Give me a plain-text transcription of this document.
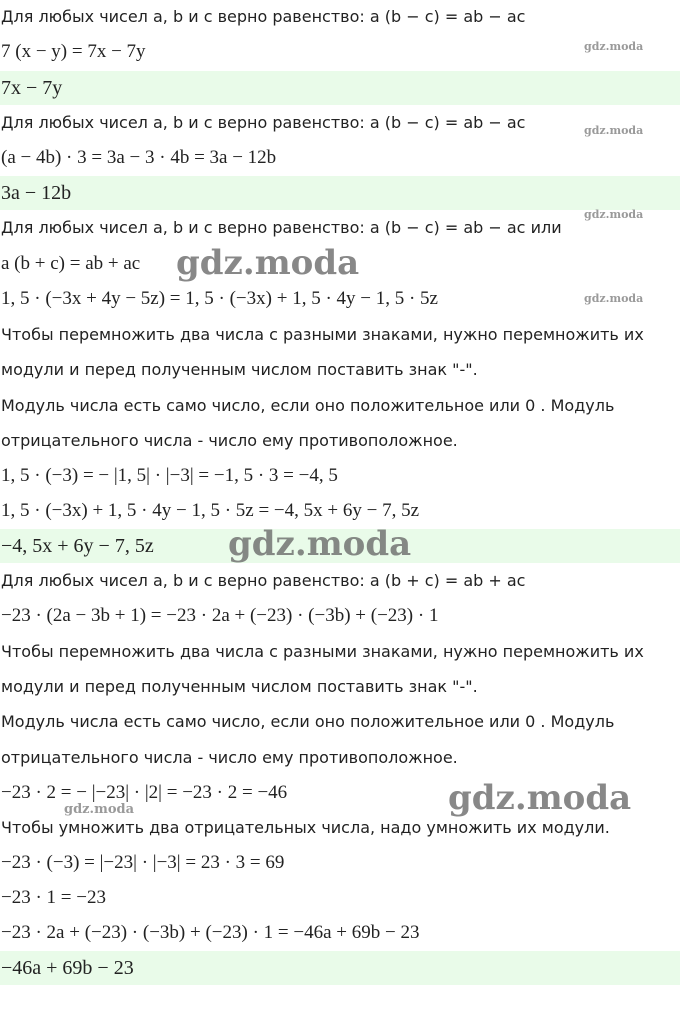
Для любых чисел a, b и c верно равенство: a (b − c) = ab − ac
7 (x − y) = 7x − 7y
7x − 7y
Для любых чисел a, b и c верно равенство: a (b − c) = ab − ac
(a − 4b) · 3 = 3a − 3 · 4b = 3a − 12b
3a − 12b
Для любых чисел a, b и c верно равенство: a (b − c) = ab − ac или
a (b + c) = ab + ac
1, 5 · (−3x + 4y − 5z) = 1, 5 · (−3x) + 1, 5 · 4y − 1, 5 · 5z
Чтобы перемножить два числа с разными знаками, нужно перемножить их
модули и перед полученным числом поставить знак "-".
Модуль числа есть само число, если оно положительное или 0 . Модуль
отрицательного числа - число ему противоположное.
1, 5 · (−3) = − |1, 5| · |−3| = −1, 5 · 3 = −4, 5
1, 5 · (−3x) + 1, 5 · 4y − 1, 5 · 5z = −4, 5x + 6y − 7, 5z
−4, 5x + 6y − 7, 5z
Для любых чисел a, b и c верно равенство: a (b + c) = ab + ac
−23 · (2a − 3b + 1) = −23 · 2a + (−23) · (−3b) + (−23) · 1
Чтобы перемножить два числа с разными знаками, нужно перемножить их
модули и перед полученным числом поставить знак "-".
Модуль числа есть само число, если оно положительное или 0 . Модуль
отрицательного числа - число ему противоположное.
−23 · 2 = − |−23| · |2| = −23 · 2 = −46
Чтобы умножить два отрицательных числа, надо умножить их модули.
−23 · (−3) = |−23| · |−3| = 23 · 3 = 69
−23 · 1 = −23
−23 · 2a + (−23) · (−3b) + (−23) · 1 = −46a + 69b − 23
−46a + 69b − 23
gdz.moda
gdz.moda
gdz.moda
gdz.moda
gdz.moda
gdz.moda
gdz.moda
gdz.moda
